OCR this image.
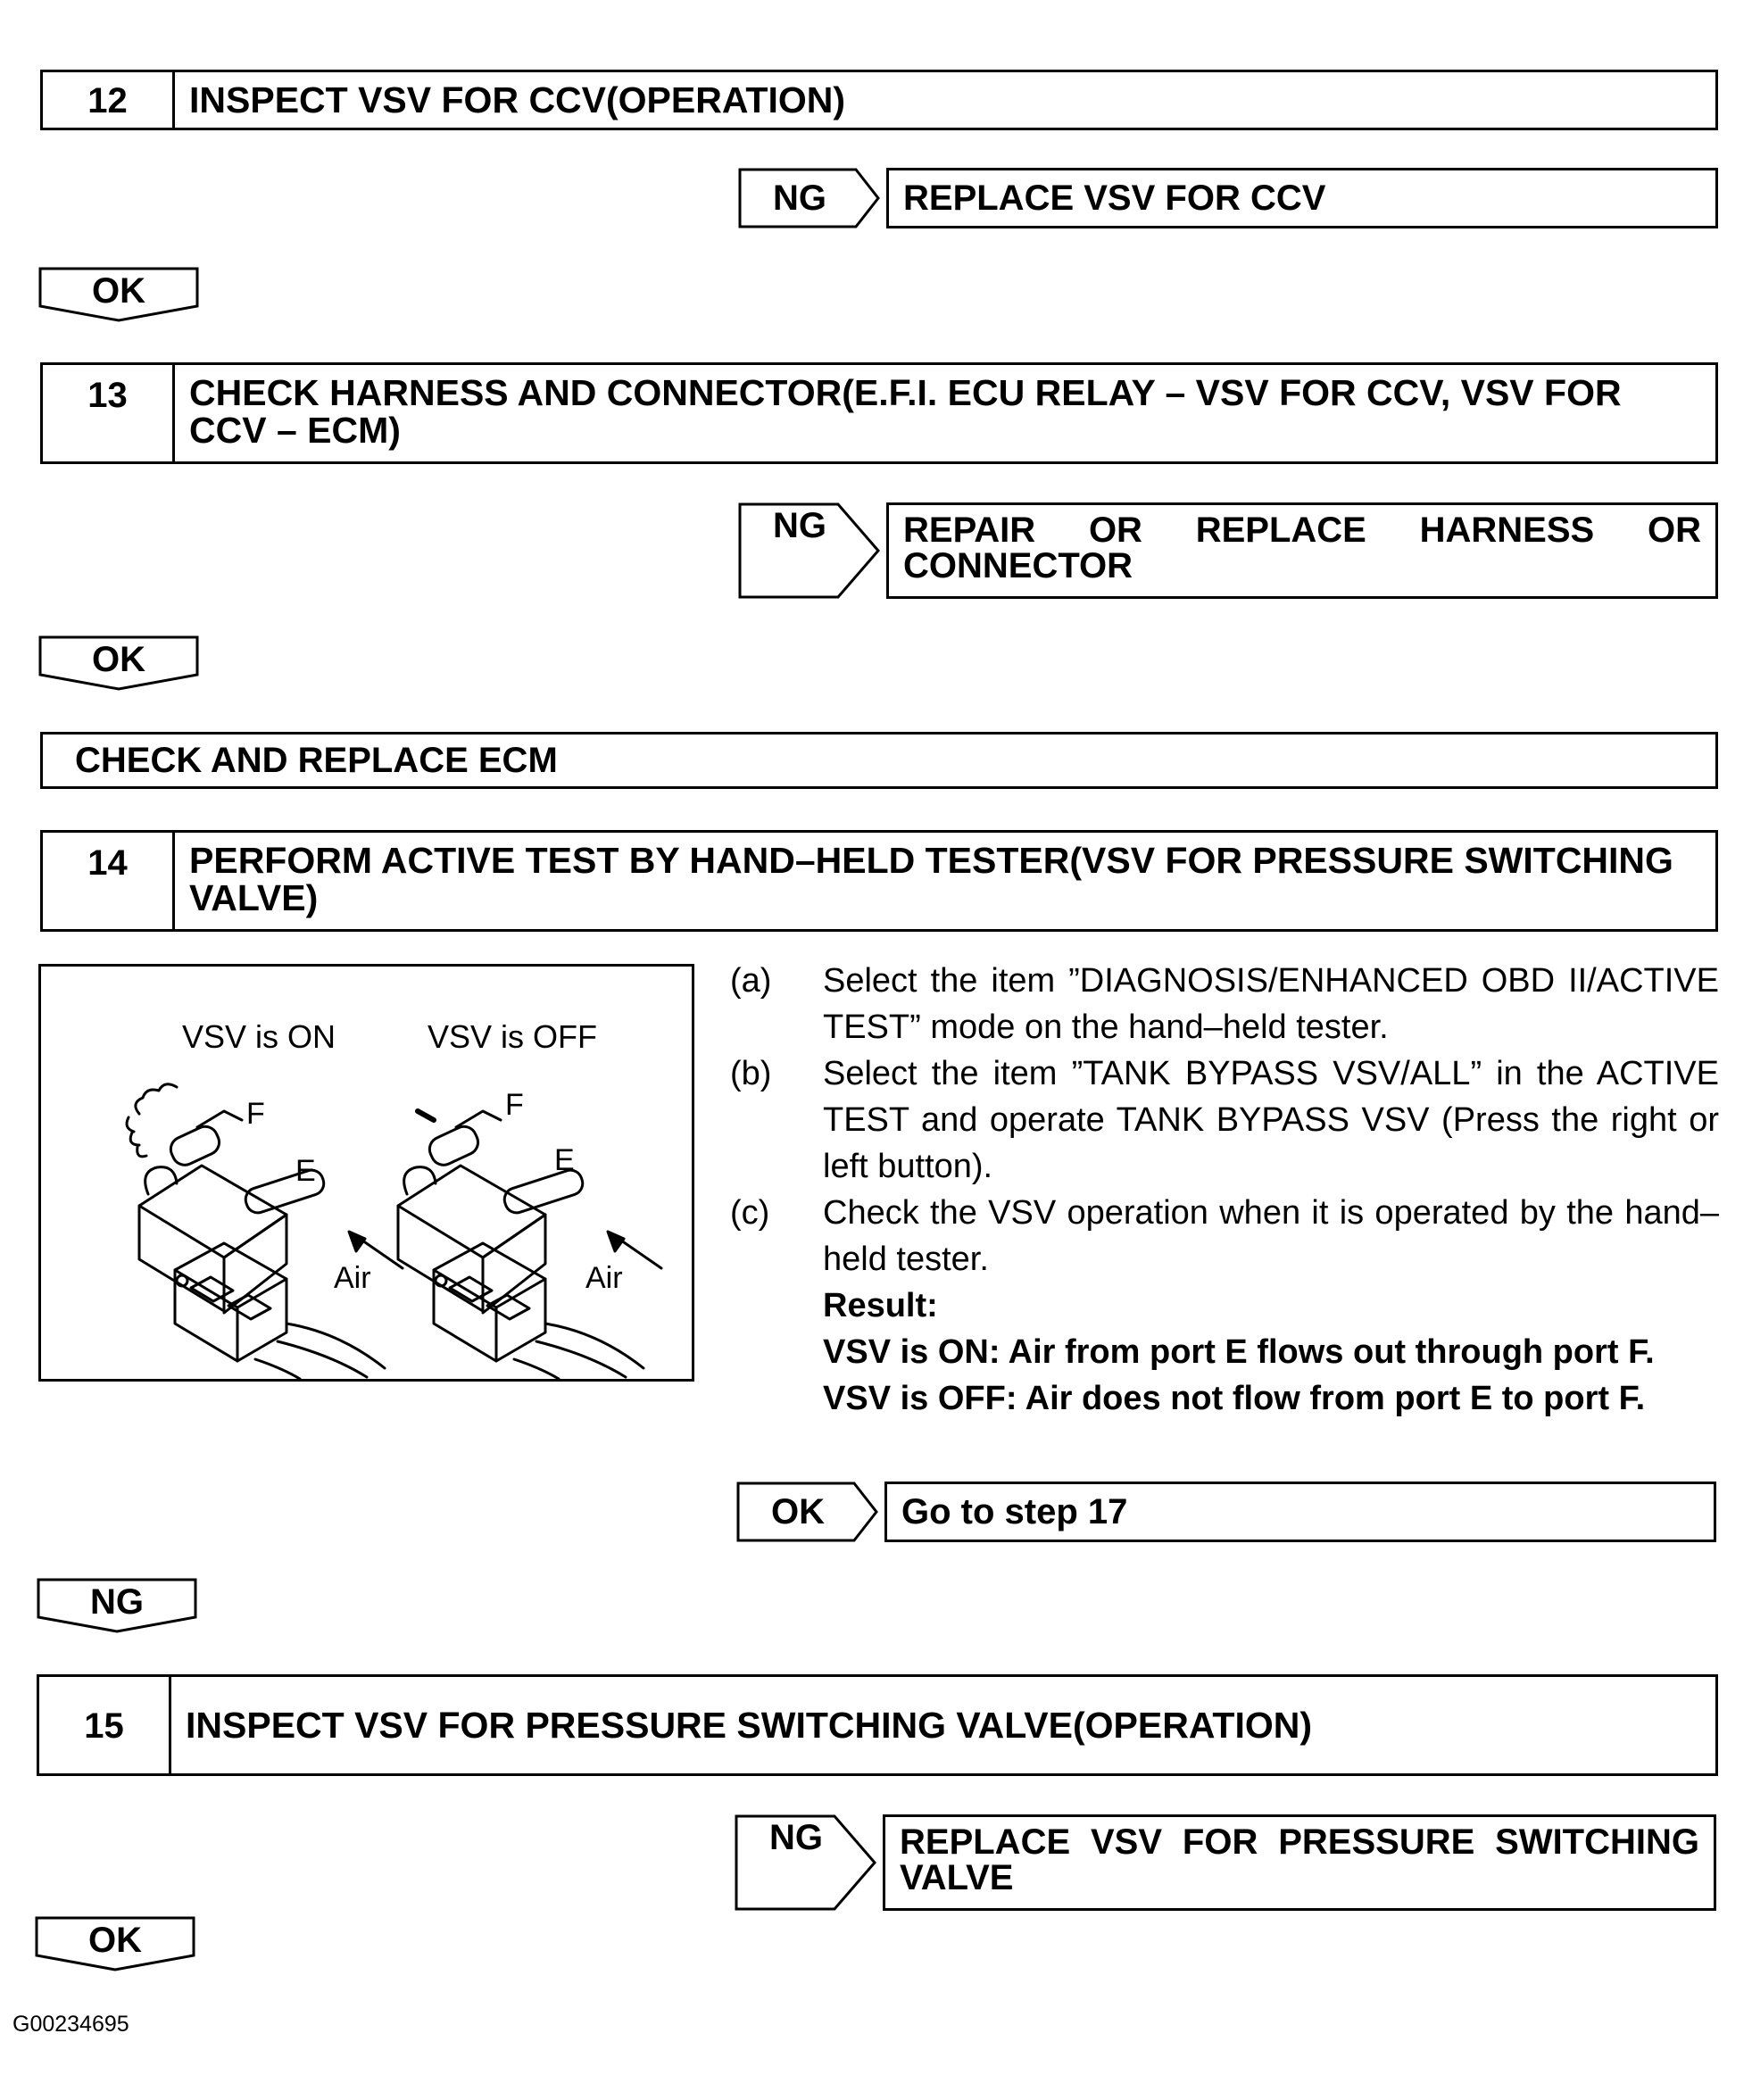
12	INSPECT VSV FOR CCV(OPERATION)
NG	REPLACE VSV FOR CCV
OK
13	CHECK HARNESS AND CONNECTOR(E.F.I. ECU RELAY – VSV FOR CCV, VSV FOR CCV – ECM)
NG	REPAIR OR REPLACE HARNESS OR
CONNECTOR
OK
CHECK AND REPLACE ECM
14	PERFORM ACTIVE TEST BY HAND–HELD TESTER(VSV FOR PRESSURE SWITCHING VALVE)
VSV is ON	VSV is OFF
F
E
Air
F
E
Air
(a)	Select the item ”DIAGNOSIS/ENHANCED OBD II/ACTIVE TEST” mode on the hand–held tester.
(b)	Select the item ”TANK BYPASS VSV/ALL” in the ACTIVE TEST and operate TANK BYPASS VSV (Press the right or left button).
(c)	Check the VSV operation when it is operated by the hand–held tester.
Result:
VSV is ON: Air from port E flows out through port F.
VSV is OFF: Air does not flow from port E to port F.
OK	Go to step 17
NG
15	INSPECT VSV FOR PRESSURE SWITCHING VALVE(OPERATION)
NG	REPLACE VSV FOR PRESSURE SWITCHING VALVE
OK
G00234695
